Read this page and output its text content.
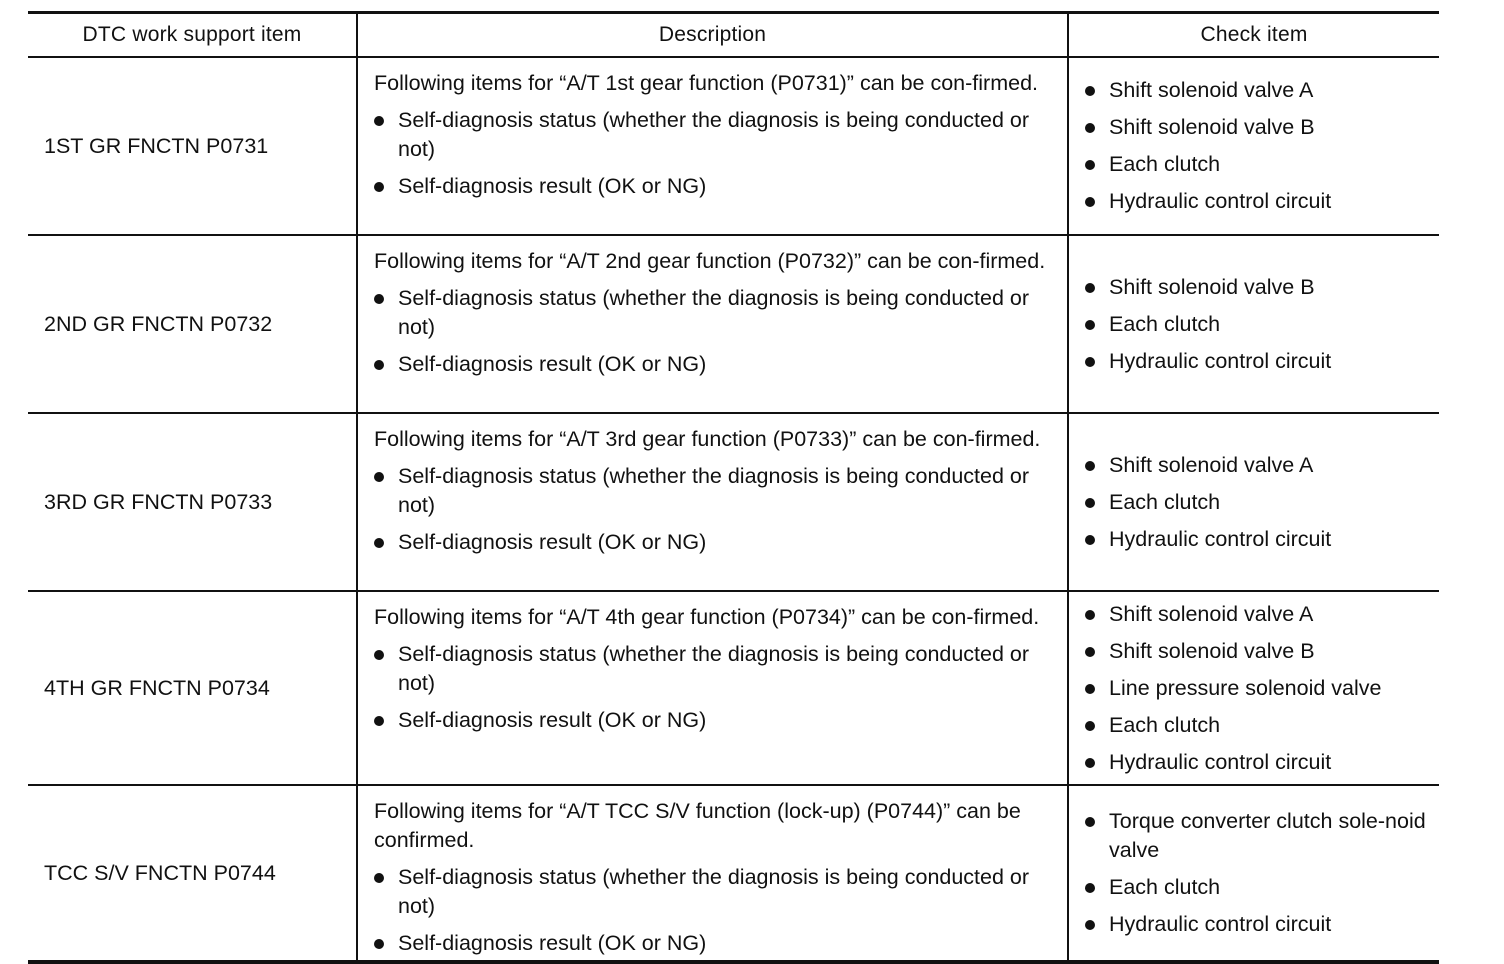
DTC work support item	Description	Check item
1ST GR FNCTN P0731
Following items for “A/T 1st gear function (P0731)” can be con-firmed.
Self-diagnosis status (whether the diagnosis is being conducted or not)
Self-diagnosis result (OK or NG)
Shift solenoid valve A
Shift solenoid valve B
Each clutch
Hydraulic control circuit
2ND GR FNCTN P0732
Following items for “A/T 2nd gear function (P0732)” can be con-firmed.
Self-diagnosis status (whether the diagnosis is being conducted or not)
Self-diagnosis result (OK or NG)
Shift solenoid valve B
Each clutch
Hydraulic control circuit
3RD GR FNCTN P0733
Following items for “A/T 3rd gear function (P0733)” can be con-firmed.
Self-diagnosis status (whether the diagnosis is being conducted or not)
Self-diagnosis result (OK or NG)
Shift solenoid valve A
Each clutch
Hydraulic control circuit
4TH GR FNCTN P0734
Following items for “A/T 4th gear function (P0734)” can be con-firmed.
Self-diagnosis status (whether the diagnosis is being conducted or not)
Self-diagnosis result (OK or NG)
Shift solenoid valve A
Shift solenoid valve B
Line pressure solenoid valve
Each clutch
Hydraulic control circuit
TCC S/V FNCTN P0744
Following items for “A/T TCC S/V function (lock-up) (P0744)” can be confirmed.
Self-diagnosis status (whether the diagnosis is being conducted or not)
Self-diagnosis result (OK or NG)
Torque converter clutch sole-noid valve
Each clutch
Hydraulic control circuit
